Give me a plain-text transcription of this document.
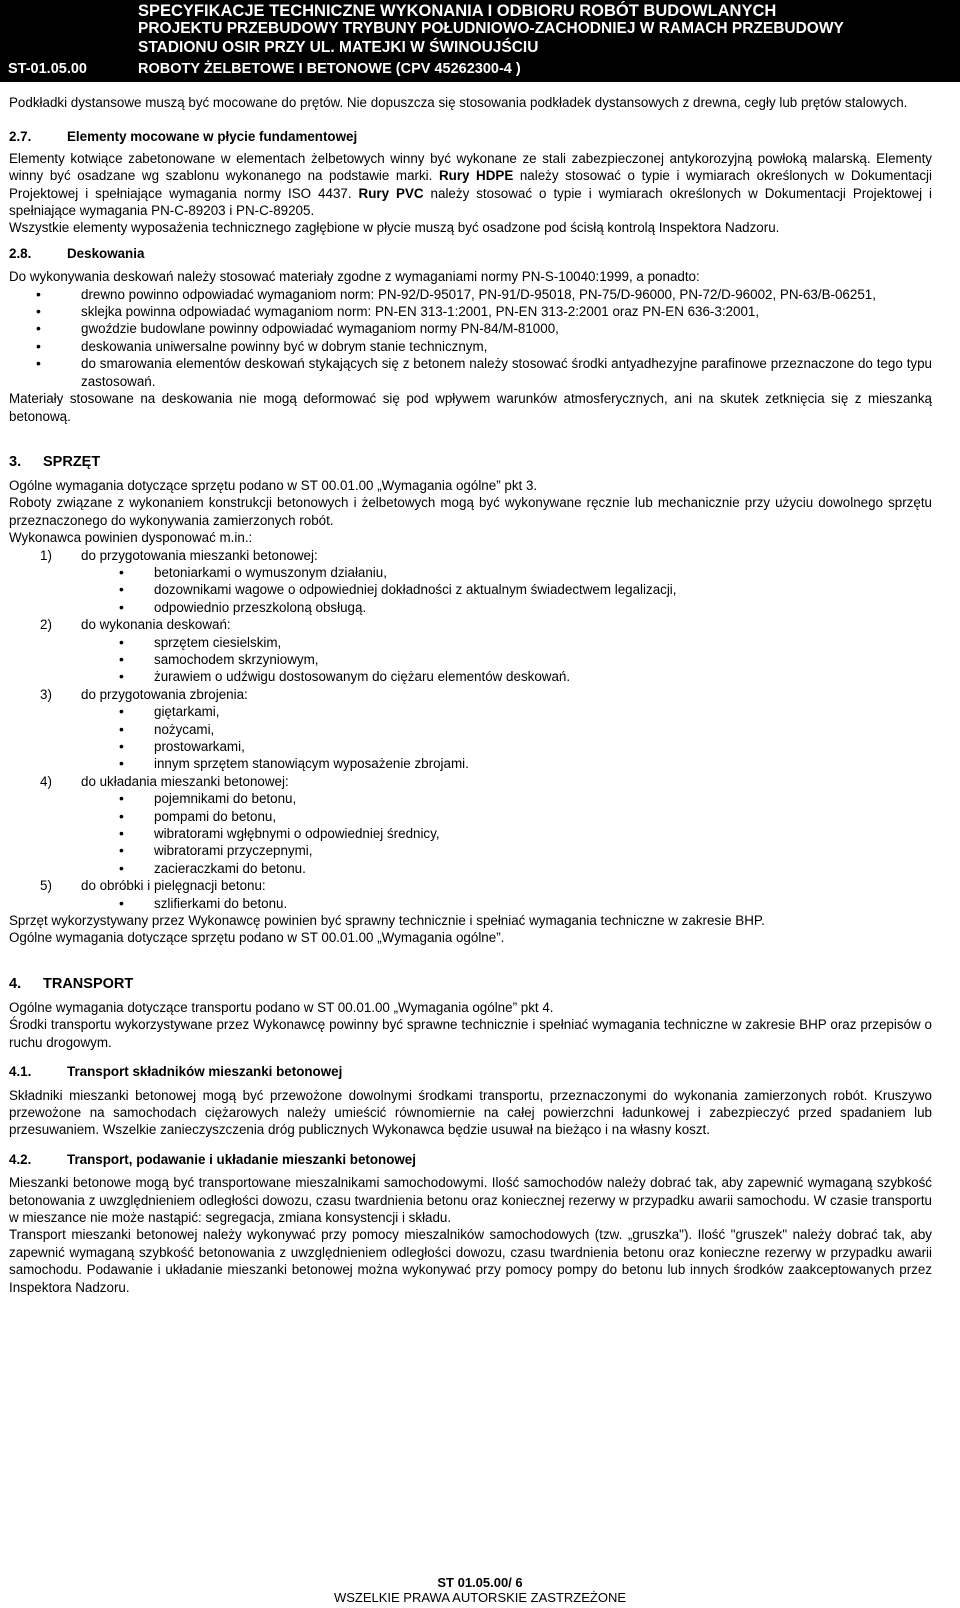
SPECYFIKACJE TECHNICZNE WYKONANIA I ODBIORU ROBÓT BUDOWLANYCH
PROJEKTU PRZEBUDOWY TRYBUNY POŁUDNIOWO-ZACHODNIEJ W RAMACH PRZEBUDOWY
STADIONU OSIR PRZY UL. MATEJKI W ŚWINOUJŚCIU
ST-01.05.00	ROBOTY ŻELBETOWE I BETONOWE (CPV 45262300-4 )

Podkładki dystansowe muszą być mocowane do prętów. Nie dopuszcza się stosowania podkładek dystansowych z drewna, cegły lub prętów stalowych.

2.7.	Elementy mocowane w płycie fundamentowej

Elementy kotwiące zabetonowane w elementach żelbetowych winny być wykonane ze stali zabezpieczonej antykorozyjną powłoką malarską. Elementy winny być osadzane wg szablonu wykonanego na podstawie marki. Rury HDPE należy stosować o typie i wymiarach określonych w Dokumentacji Projektowej i spełniające wymagania normy ISO 4437. Rury PVC należy stosować o typie i wymiarach określonych w Dokumentacji Projektowej i spełniające wymagania PN-C-89203 i PN-C-89205.

Wszystkie elementy wyposażenia technicznego zagłębione w płycie muszą być osadzone pod ścisłą kontrolą Inspektora Nadzoru.

2.8.	Deskowania

Do wykonywania deskowań należy stosować materiały zgodne z wymaganiami normy PN-S-10040:1999, a ponadto:

• drewno powinno odpowiadać wymaganiom norm: PN-92/D-95017, PN-91/D-95018, PN-75/D-96000, PN-72/D-96002, PN-63/B-06251,
• sklejka powinna odpowiadać wymaganiom norm: PN-EN 313-1:2001, PN-EN 313-2:2001 oraz PN-EN 636-3:2001,
• gwoździe budowlane powinny odpowiadać wymaganiom normy PN-84/M-81000,
• deskowania uniwersalne powinny być w dobrym stanie technicznym,
• do smarowania elementów deskowań stykających się z betonem należy stosować środki antyadhezyjne parafinowe przeznaczone do tego typu zastosowań.

Materiały stosowane na deskowania nie mogą deformować się pod wpływem warunków atmosferycznych, ani na skutek zetknięcia się z mieszanką betonową.

3. SPRZĘT

Ogólne wymagania dotyczące sprzętu podano w ST 00.01.00 „Wymagania ogólne” pkt 3.

Roboty związane z wykonaniem konstrukcji betonowych i żelbetowych mogą być wykonywane ręcznie lub mechanicznie przy użyciu dowolnego sprzętu przeznaczonego do wykonywania zamierzonych robót.

Wykonawca powinien dysponować m.in.:

1) do przygotowania mieszanki betonowej:
• betoniarkami o wymuszonym działaniu,
• dozownikami wagowe o odpowiedniej dokładności z aktualnym świadectwem legalizacji,
• odpowiednio przeszkoloną obsługą.
2) do wykonania deskowań:
• sprzętem ciesielskim,
• samochodem skrzyniowym,
• żurawiem o udźwigu dostosowanym do ciężaru elementów deskowań.
3) do przygotowania zbrojenia:
• giętarkami,
• nożycami,
• prostowarkami,
• innym sprzętem stanowiącym wyposażenie zbrojami.
4) do układania mieszanki betonowej:
• pojemnikami do betonu,
• pompami do betonu,
• wibratorami wgłębnymi o odpowiedniej średnicy,
• wibratorami przyczepnymi,
• zacieraczkami do betonu.
5) do obróbki i pielęgnacji betonu:
• szlifierkami do betonu.

Sprzęt wykorzystywany przez Wykonawcę powinien być sprawny technicznie i spełniać wymagania techniczne w zakresie BHP.

Ogólne wymagania dotyczące sprzętu podano w ST 00.01.00 „Wymagania ogólne”.

4. TRANSPORT

Ogólne wymagania dotyczące transportu podano w ST 00.01.00 „Wymagania ogólne” pkt 4.

Środki transportu wykorzystywane przez Wykonawcę powinny być sprawne technicznie i spełniać wymagania techniczne w zakresie BHP oraz przepisów o ruchu drogowym.

4.1.	Transport składników mieszanki betonowej

Składniki mieszanki betonowej mogą być przewożone dowolnymi środkami transportu, przeznaczonymi do wykonania zamierzonych robót. Kruszywo przewożone na samochodach ciężarowych należy umieścić równomiernie na całej powierzchni ładunkowej i zabezpieczyć przed spadaniem lub przesuwaniem. Wszelkie zanieczyszczenia dróg publicznych Wykonawca będzie usuwał na bieżąco i na własny koszt.

4.2.	Transport, podawanie i układanie mieszanki betonowej

Mieszanki betonowe mogą być transportowane mieszalnikami samochodowymi. Ilość samochodów należy dobrać tak, aby zapewnić wymaganą szybkość betonowania z uwzględnieniem odległości dowozu, czasu twardnienia betonu oraz koniecznej rezerwy w przypadku awarii samochodu. W czasie transportu w mieszance nie może nastąpić: segregacja, zmiana konsystencji i składu.

Transport mieszanki betonowej należy wykonywać przy pomocy mieszalników samochodowych (tzw. „gruszka"). Ilość "gruszek" należy dobrać tak, aby zapewnić wymaganą szybkość betonowania z uwzględnieniem odległości dowozu, czasu twardnienia betonu oraz konieczne rezerwy w przypadku awarii samochodu. Podawanie i układanie mieszanki betonowej można wykonywać przy pomocy pompy do betonu lub innych środków zaakceptowanych przez Inspektora Nadzoru.

ST 01.05.00/ 6
WSZELKIE PRAWA AUTORSKIE ZASTRZEŻONE
